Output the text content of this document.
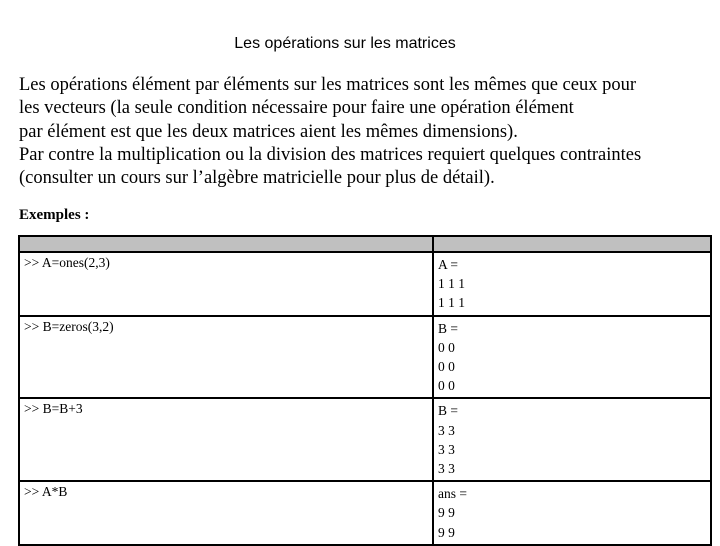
Les opérations sur les matrices
Les opérations élément par éléments sur les matrices sont les mêmes que ceux pour
les vecteurs (la seule condition nécessaire pour faire une opération élément
par élément est que les deux matrices aient les mêmes dimensions).
Par contre la multiplication ou la division des matrices requiert quelques contraintes
(consulter un cours sur l’algèbre matricielle pour plus de détail).
Exemples :

>> A=ones(2,3)	A =
1 1 1
1 1 1

>> B=zeros(3,2)	B =
0 0
0 0
0 0

>> B=B+3	B =
3 3
3 3
3 3

>> A*B	ans =
9 9
9 9
